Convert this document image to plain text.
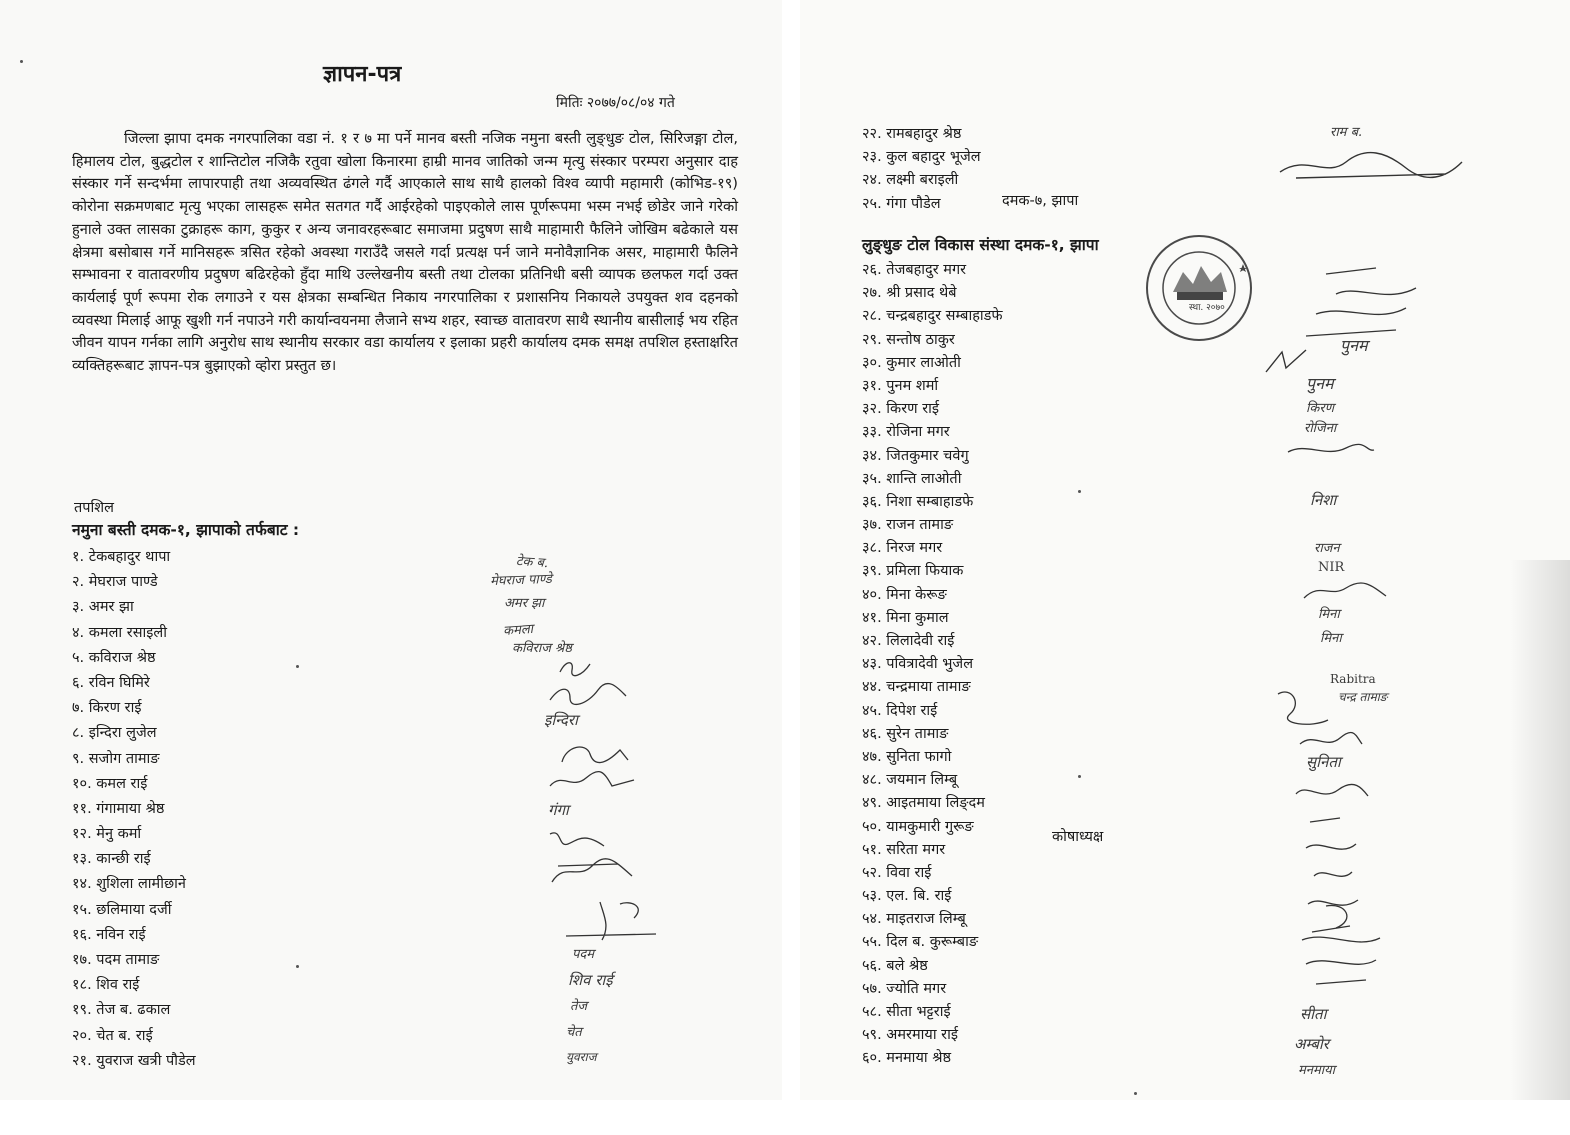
ज्ञापन-पत्र
मितिः २०७७/०८/०४ गते

जिल्ला झापा दमक नगरपालिका वडा नं. १ र ७ मा पर्ने मानव बस्ती नजिक नमुना बस्ती लुङ्धुङ टोल, सिरिजङ्गा टोल, हिमालय टोल, बुद्धटोल र शान्तिटोल नजिकै रतुवा खोला किनारमा हाम्री मानव जातिको जन्म मृत्यु संस्कार परम्परा अनुसार दाह संस्कार गर्ने सन्दर्भमा लापारपाही तथा अव्यवस्थित ढंगले गर्दै आएकाले साथ साथै हालको विश्व व्यापी महामारी (कोभिड-१९) कोरोना सक्रमणबाट मृत्यु भएका लासहरू समेत सतगत गर्दै आईरहेको पाइएकोले लास पूर्णरूपमा भस्म नभई छोडेर जाने गरेको हुनाले उक्त लासका टुक्राहरू काग, कुकुर र अन्य जनावरहरूबाट समाजमा प्रदुषण साथै माहामारी फैलिने जोखिम बढेकाले यस क्षेत्रमा बसोबास गर्ने मानिसहरू त्रसित रहेको अवस्था गराउँदै जसले गर्दा प्रत्यक्ष पर्न जाने मनोवैज्ञानिक असर, माहामारी फैलिने सम्भावना र वातावरणीय प्रदुषण बढिरहेको हुँदा माथि उल्लेखनीय बस्ती तथा टोलका प्रतिनिधी बसी व्यापक छलफल गर्दा उक्त कार्यलाई पूर्ण रूपमा रोक लगाउने र यस क्षेत्रका सम्बन्धित निकाय नगरपालिका र प्रशासनिय निकायले उपयुक्त शव दहनको व्यवस्था मिलाई आफू खुशी गर्न नपाउने गरी कार्यान्वयनमा लैजाने सभ्य शहर, स्वाच्छ वातावरण साथै स्थानीय बासीलाई भय रहित जीवन यापन गर्नका लागि अनुरोध साथ स्थानीय सरकार वडा कार्यालय र इलाका प्रहरी कार्यालय दमक समक्ष तपशिल हस्ताक्षरित व्यक्तिहरूबाट ज्ञापन-पत्र बुझाएको व्होरा प्रस्तुत छ।

तपशिल
नमुना बस्ती दमक-१, झापाको तर्फबाट :
१. टेकबहादुर थापा
२. मेघराज पाण्डे
३. अमर झा
४. कमला रसाइली
५. कविराज श्रेष्ठ
६. रविन घिमिरे
७. किरण राई
८. इन्दिरा लुजेल
९. सजोग तामाङ
१०. कमल राई
११. गंगामाया श्रेष्ठ
१२. मेनु कर्मा
१३. कान्छी राई
१४. शुशिला लामीछाने
१५. छलिमाया दर्जी
१६. नविन राई
१७. पदम तामाङ
१८. शिव राई
१९. तेज ब. ढकाल
२०. चेत ब. राई
२१. युवराज खत्री पौडेल
टेक ब.
मेघराज पाण्डे
अमर झा
कमला
कविराज श्रेष्ठ
इन्दिरा
गंगा
पदम
शिव राई
तेज
चेत
युवराज
२२. रामबहादुर श्रेष्ठ
२३. कुल बहादुर भूजेल
२४. लक्ष्मी बराइली
२५. गंगा पौडेल	दमक-७, झापा
लुङ्धुङ टोल विकास संस्था दमक-१, झापा
२६. तेजबहादुर मगर
२७. श्री प्रसाद थेबे
२८. चन्द्रबहादुर सम्बाहाडफे
२९. सन्तोष ठाकुर
३०. कुमार लाओती
३१. पुनम शर्मा
३२. किरण राई
३३. रोजिना मगर
३४. जितकुमार चवेगु
३५. शान्ति लाओती
३६. निशा सम्बाहाडफे
३७. राजन तामाङ
३८. निरज मगर
३९. प्रमिला फियाक
४०. मिना केरूङ
४१. मिना कुमाल
४२. लिलादेवी राई
४३. पवित्रादेवी भुजेल
४४. चन्द्रमाया तामाङ
४५. दिपेश राई
४६. सुरेन तामाङ
४७. सुनिता फागो
४८. जयमान लिम्बू
४९. आइतमाया लिङ्दम
५०. यामकुमारी गुरूङ
५१. सरिता मगर
५२. विवा राई
५३. एल. बि. राई
५४. माइतराज लिम्बू
५५. दिल ब. कुरूम्बाङ
५६. बले श्रेष्ठ
५७. ज्योति मगर
५८. सीता भट्टराई
५९. अमरमाया राई
६०. मनमाया श्रेष्ठ
कोषाध्यक्ष
स्था. २०७०
राम ब.
पुनम
पुनम
किरण
रोजिना
निशा
राजन
NIR
मिना
मिना
Rabitra
चन्द्र तामाङ
सुनिता
सीता
अम्बोर
मनमाया
